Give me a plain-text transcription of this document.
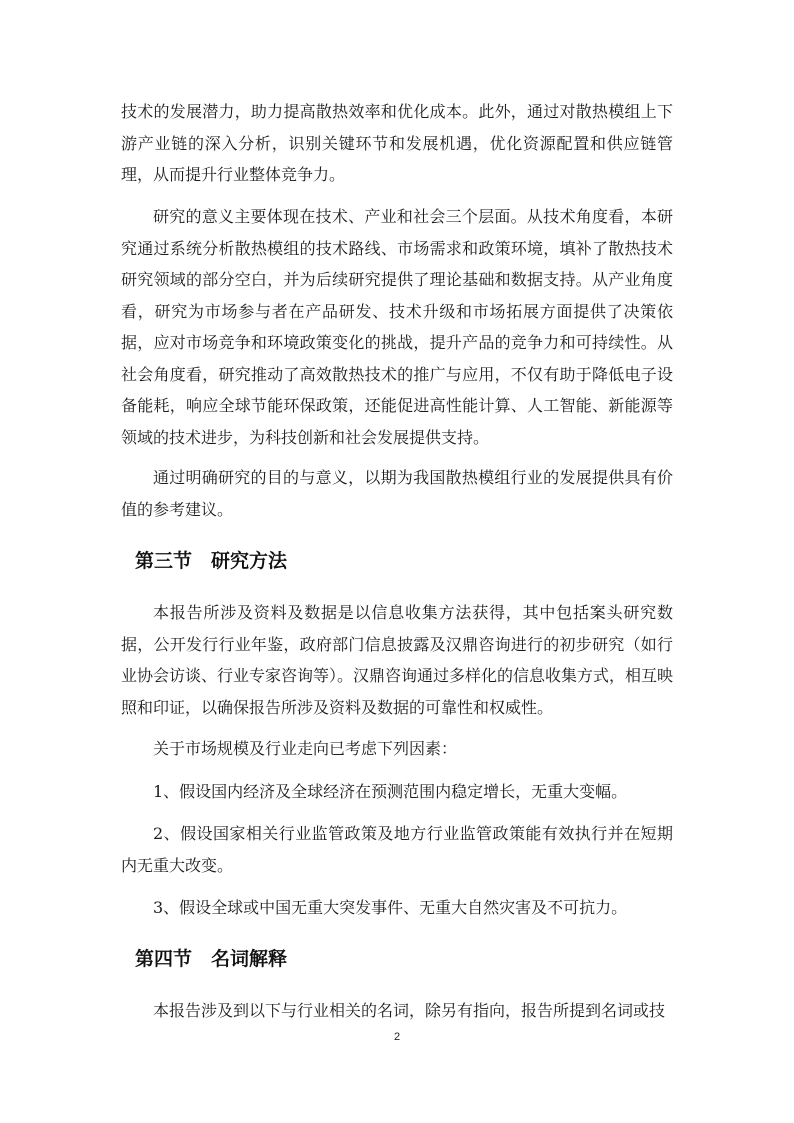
技术的发展潜力，助力提高散热效率和优化成本。此外，通过对散热模组上下游产业链的深入分析，识别关键环节和发展机遇，优化资源配置和供应链管理，从而提升行业整体竞争力。

研究的意义主要体现在技术、产业和社会三个层面。从技术角度看，本研究通过系统分析散热模组的技术路线、市场需求和政策环境，填补了散热技术研究领域的部分空白，并为后续研究提供了理论基础和数据支持。从产业角度看，研究为市场参与者在产品研发、技术升级和市场拓展方面提供了决策依据，应对市场竞争和环境政策变化的挑战，提升产品的竞争力和可持续性。从社会角度看，研究推动了高效散热技术的推广与应用，不仅有助于降低电子设备能耗，响应全球节能环保政策，还能促进高性能计算、人工智能、新能源等领域的技术进步，为科技创新和社会发展提供支持。

通过明确研究的目的与意义，以期为我国散热模组行业的发展提供具有价值的参考建议。

第三节　研究方法

本报告所涉及资料及数据是以信息收集方法获得，其中包括案头研究数据，公开发行行业年鉴，政府部门信息披露及汉鼎咨询进行的初步研究（如行业协会访谈、行业专家咨询等）。汉鼎咨询通过多样化的信息收集方式，相互映照和印证，以确保报告所涉及资料及数据的可靠性和权威性。

关于市场规模及行业走向已考虑下列因素：

1、假设国内经济及全球经济在预测范围内稳定增长，无重大变幅。

2、假设国家相关行业监管政策及地方行业监管政策能有效执行并在短期内无重大改变。

3、假设全球或中国无重大突发事件、无重大自然灾害及不可抗力。

第四节　名词解释

本报告涉及到以下与行业相关的名词，除另有指向，报告所提到名词或技

2
